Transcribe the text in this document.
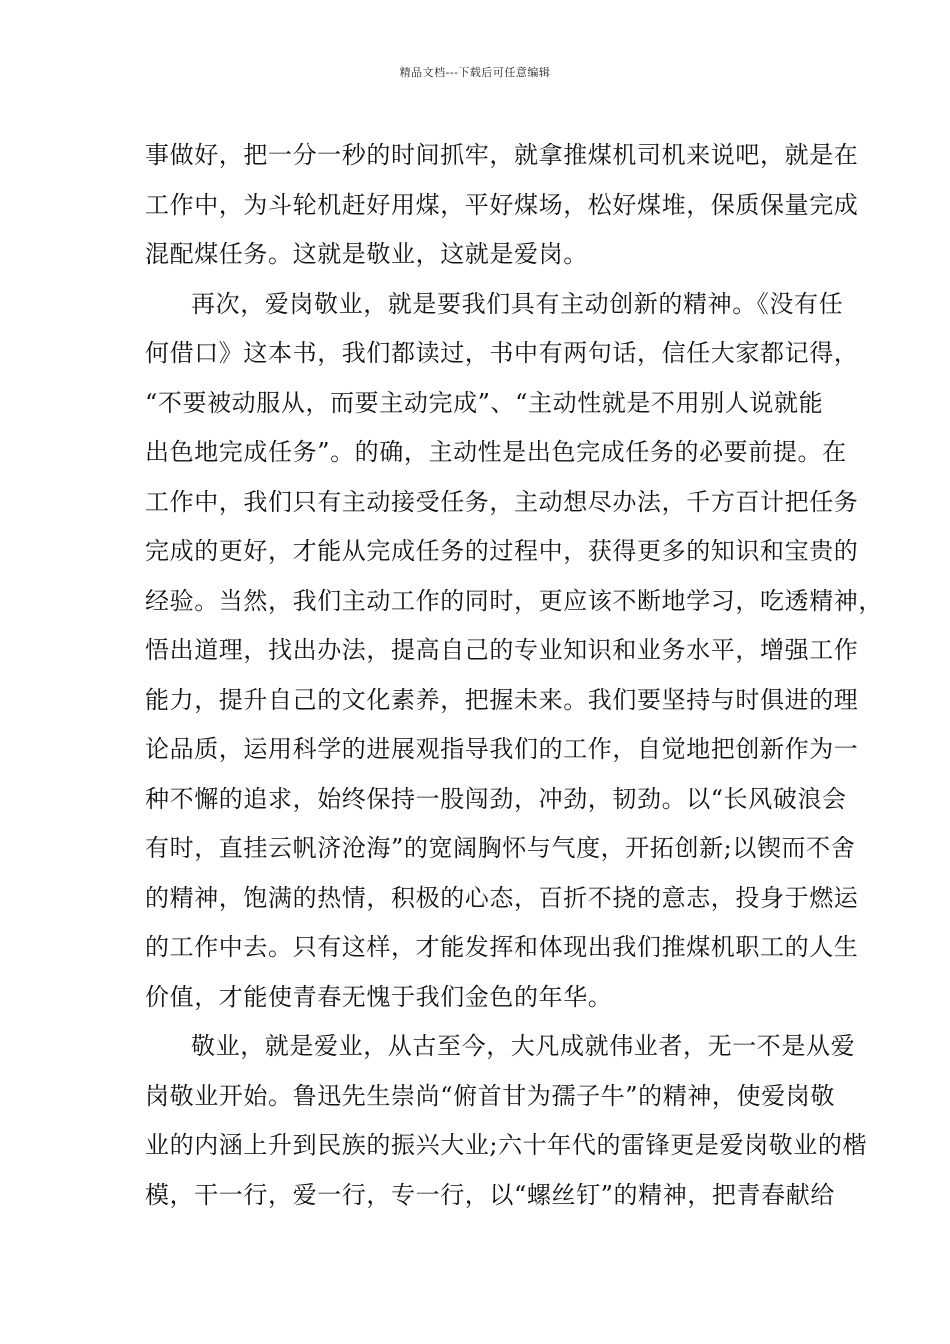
精品文档---下载后可任意编辑
事做好，把一分一秒的时间抓牢，就拿推煤机司机来说吧，就是在
工作中，为斗轮机赶好用煤，平好煤场，松好煤堆，保质保量完成
混配煤任务。这就是敬业，这就是爱岗。
再次，爱岗敬业，就是要我们具有主动创新的精神。《没有任
何借口》这本书，我们都读过，书中有两句话，信任大家都记得，
“不要被动服从，而要主动完成”、“主动性就是不用别人说就能
出色地完成任务”。的确，主动性是出色完成任务的必要前提。在
工作中，我们只有主动接受任务，主动想尽办法，千方百计把任务
完成的更好，才能从完成任务的过程中，获得更多的知识和宝贵的
经验。当然，我们主动工作的同时，更应该不断地学习，吃透精神，
悟出道理，找出办法，提高自己的专业知识和业务水平，增强工作
能力，提升自己的文化素养，把握未来。我们要坚持与时俱进的理
论品质，运用科学的进展观指导我们的工作，自觉地把创新作为一
种不懈的追求，始终保持一股闯劲，冲劲，韧劲。以“长风破浪会
有时，直挂云帆济沧海”的宽阔胸怀与气度，开拓创新;以锲而不舍
的精神，饱满的热情，积极的心态，百折不挠的意志，投身于燃运
的工作中去。只有这样，才能发挥和体现出我们推煤机职工的人生
价值，才能使青春无愧于我们金色的年华。
敬业，就是爱业，从古至今，大凡成就伟业者，无一不是从爱
岗敬业开始。鲁迅先生崇尚“俯首甘为孺子牛”的精神，使爱岗敬
业的内涵上升到民族的振兴大业;六十年代的雷锋更是爱岗敬业的楷
模，干一行，爱一行，专一行，以“螺丝钉”的精神，把青春献给
